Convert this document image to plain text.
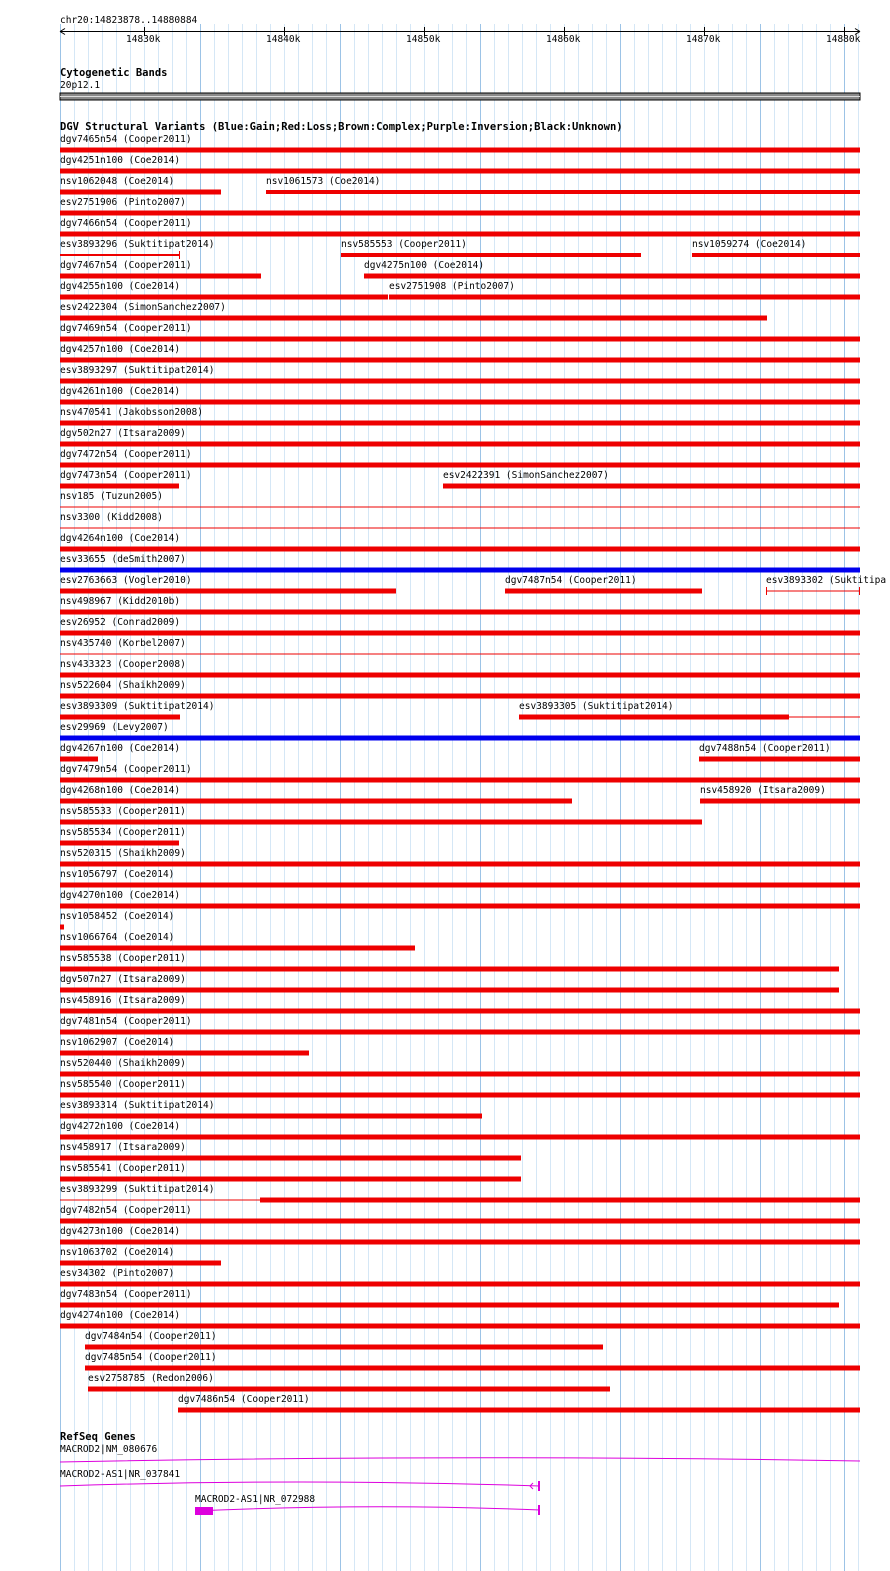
chr20:14823878..14880884
14830k	14840k	14850k	14860k	14870k	14880k
Cytogenetic Bands
20p12.1
DGV Structural Variants (Blue:Gain;Red:Loss;Brown:Complex;Purple:Inversion;Black:Unknown)
dgv7465n54 (Cooper2011)
dgv4251n100 (Coe2014)
nsv1062048 (Coe2014)	nsv1061573 (Coe2014)
esv2751906 (Pinto2007)
dgv7466n54 (Cooper2011)
esv3893296 (Suktitipat2014)	nsv585553 (Cooper2011)	nsv1059274 (Coe2014)
dgv7467n54 (Cooper2011)	dgv4275n100 (Coe2014)
dgv4255n100 (Coe2014)	esv2751908 (Pinto2007)
esv2422304 (SimonSanchez2007)
dgv7469n54 (Cooper2011)
dgv4257n100 (Coe2014)
esv3893297 (Suktitipat2014)
dgv4261n100 (Coe2014)
nsv470541 (Jakobsson2008)
dgv502n27 (Itsara2009)
dgv7472n54 (Cooper2011)
dgv7473n54 (Cooper2011)	esv2422391 (SimonSanchez2007)
nsv185 (Tuzun2005)
nsv3300 (Kidd2008)
dgv4264n100 (Coe2014)
esv33655 (deSmith2007)
esv2763663 (Vogler2010)	dgv7487n54 (Cooper2011)	esv3893302 (Suktitipa
nsv498967 (Kidd2010b)
esv26952 (Conrad2009)
nsv435740 (Korbel2007)
nsv433323 (Cooper2008)
nsv522604 (Shaikh2009)
esv3893309 (Suktitipat2014)	esv3893305 (Suktitipat2014)
esv29969 (Levy2007)
dgv4267n100 (Coe2014)	dgv7488n54 (Cooper2011)
dgv7479n54 (Cooper2011)
dgv4268n100 (Coe2014)	nsv458920 (Itsara2009)
nsv585533 (Cooper2011)
nsv585534 (Cooper2011)
nsv520315 (Shaikh2009)
nsv1056797 (Coe2014)
dgv4270n100 (Coe2014)
nsv1058452 (Coe2014)
nsv1066764 (Coe2014)
nsv585538 (Cooper2011)
dgv507n27 (Itsara2009)
nsv458916 (Itsara2009)
dgv7481n54 (Cooper2011)
nsv1062907 (Coe2014)
nsv520440 (Shaikh2009)
nsv585540 (Cooper2011)
esv3893314 (Suktitipat2014)
dgv4272n100 (Coe2014)
nsv458917 (Itsara2009)
nsv585541 (Cooper2011)
esv3893299 (Suktitipat2014)
dgv7482n54 (Cooper2011)
dgv4273n100 (Coe2014)
nsv1063702 (Coe2014)
esv34302 (Pinto2007)
dgv7483n54 (Cooper2011)
dgv4274n100 (Coe2014)
dgv7484n54 (Cooper2011)
dgv7485n54 (Cooper2011)
esv2758785 (Redon2006)
dgv7486n54 (Cooper2011)
RefSeq Genes
MACROD2|NM_080676
MACROD2-AS1|NR_037841
MACROD2-AS1|NR_072988
